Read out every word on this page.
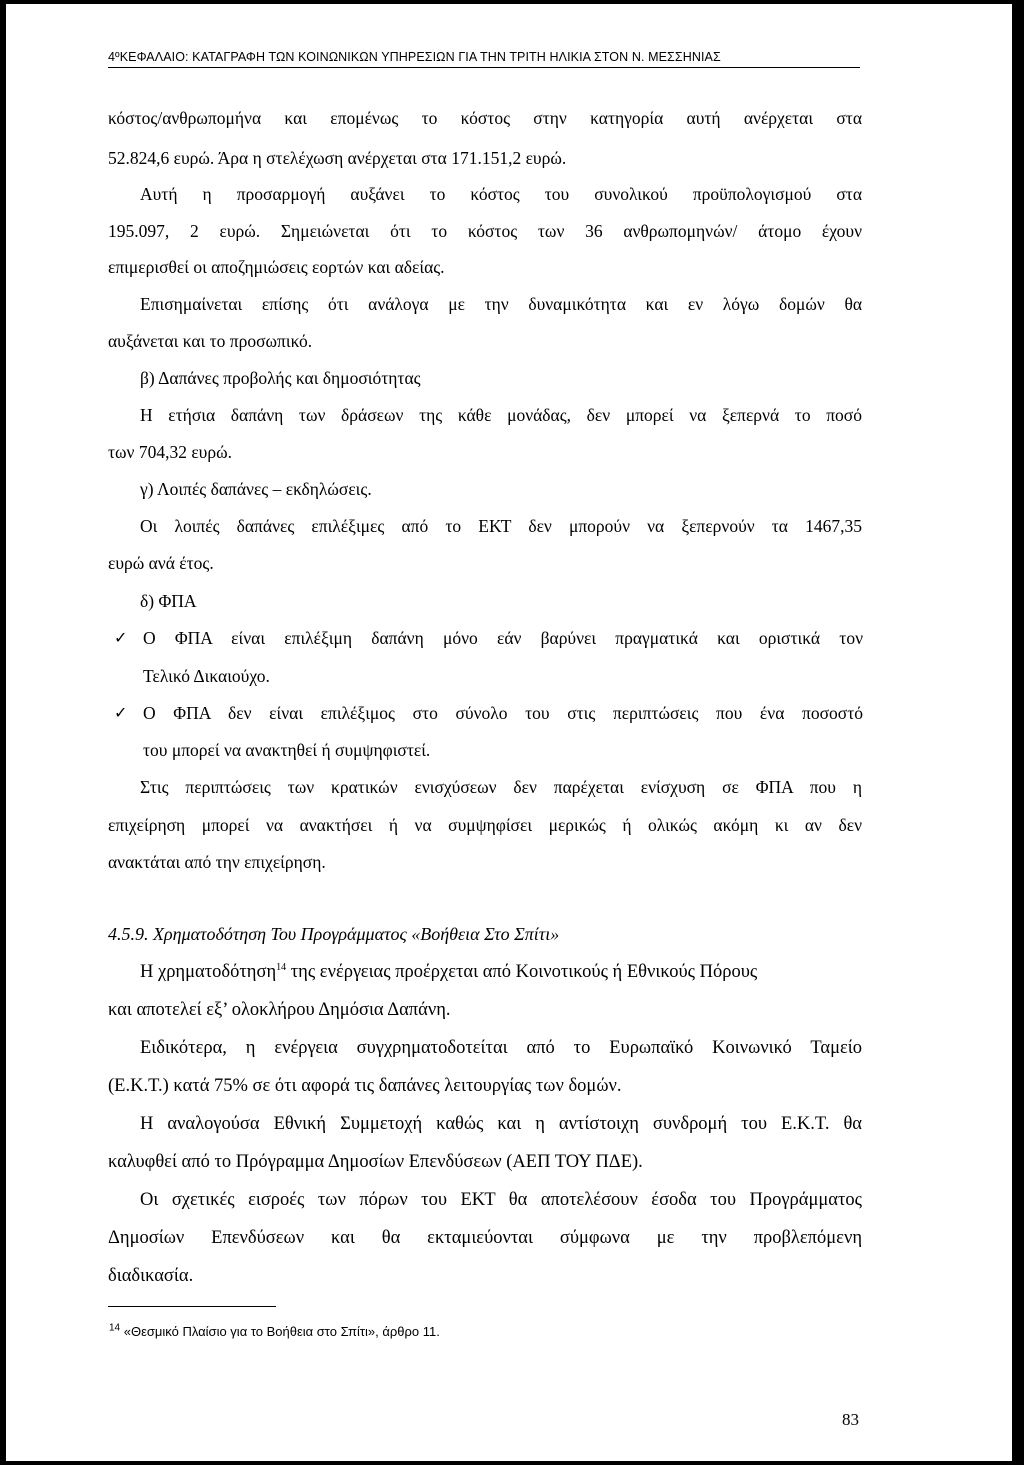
4ºΚΕΦΑΛΑΙΟ: ΚΑΤΑΓΡΑΦΗ ΤΩΝ ΚΟΙΝΩΝΙΚΩΝ ΥΠΗΡΕΣΙΩΝ ΓΙΑ ΤΗΝ ΤΡΙΤΗ ΗΛΙΚΙΑ ΣΤΟΝ Ν. ΜΕΣΣΗΝΙΑΣ
κόστος/ανθρωπομήνα και επομένως το κόστος στην κατηγορία αυτή ανέρχεται στα
52.824,6 ευρώ. Άρα η στελέχωση ανέρχεται στα 171.151,2 ευρώ.
Αυτή η προσαρμογή αυξάνει το κόστος του συνολικού προϋπολογισμού στα
195.097, 2 ευρώ. Σημειώνεται ότι το κόστος των 36 ανθρωπομηνών/ άτομο έχουν
επιμερισθεί οι αποζημιώσεις εορτών και αδείας.
Επισημαίνεται επίσης ότι ανάλογα με την δυναμικότητα και εν λόγω δομών θα
αυξάνεται και το προσωπικό.
β) Δαπάνες προβολής και δημοσιότητας
Η ετήσια δαπάνη των δράσεων της κάθε μονάδας, δεν μπορεί να ξεπερνά το ποσό
των 704,32 ευρώ.
γ) Λοιπές δαπάνες – εκδηλώσεις.
Οι λοιπές δαπάνες επιλέξιμες από το ΕΚΤ δεν μπορούν να ξεπερνούν τα 1467,35
ευρώ ανά έτος.
δ) ΦΠΑ
✓ Ο ΦΠΑ είναι επιλέξιμη δαπάνη μόνο εάν βαρύνει πραγματικά και οριστικά τον
Τελικό Δικαιούχο.
✓ Ο ΦΠΑ δεν είναι επιλέξιμος στο σύνολο του στις περιπτώσεις που ένα ποσοστό
του μπορεί να ανακτηθεί ή συμψηφιστεί.
Στις περιπτώσεις των κρατικών ενισχύσεων δεν παρέχεται ενίσχυση σε ΦΠΑ που η
επιχείρηση μπορεί να ανακτήσει ή να συμψηφίσει μερικώς ή ολικώς ακόμη κι αν δεν
ανακτάται από την επιχείρηση.
4.5.9. Χρηματοδότηση Του Προγράμματος «Βοήθεια Στο Σπίτι»
Η χρηματοδότηση$^{14}$ της ενέργειας προέρχεται από Κοινοτικούς ή Εθνικούς Πόρους
και αποτελεί εξ’ ολοκλήρου Δημόσια Δαπάνη.
Ειδικότερα, η ενέργεια συγχρηματοδοτείται από το Ευρωπαϊκό Κοινωνικό Ταμείο
(Ε.Κ.Τ.) κατά 75% σε ότι αφορά τις δαπάνες λειτουργίας των δομών.
Η αναλογούσα Εθνική Συμμετοχή καθώς και η αντίστοιχη συνδρομή του Ε.Κ.Τ. θα
καλυφθεί από το Πρόγραμμα Δημοσίων Επενδύσεων (ΑΕΠ ΤΟΥ ΠΔΕ).
Οι σχετικές εισροές των πόρων του ΕΚΤ θα αποτελέσουν έσοδα του Προγράμματος
Δημοσίων Επενδύσεων και θα εκταμιεύονται σύμφωνα με την προβλεπόμενη
διαδικασία.
$^{14}$ «Θεσμικό Πλαίσιο για το Βοήθεια στο Σπίτι», άρθρο 11.
83
